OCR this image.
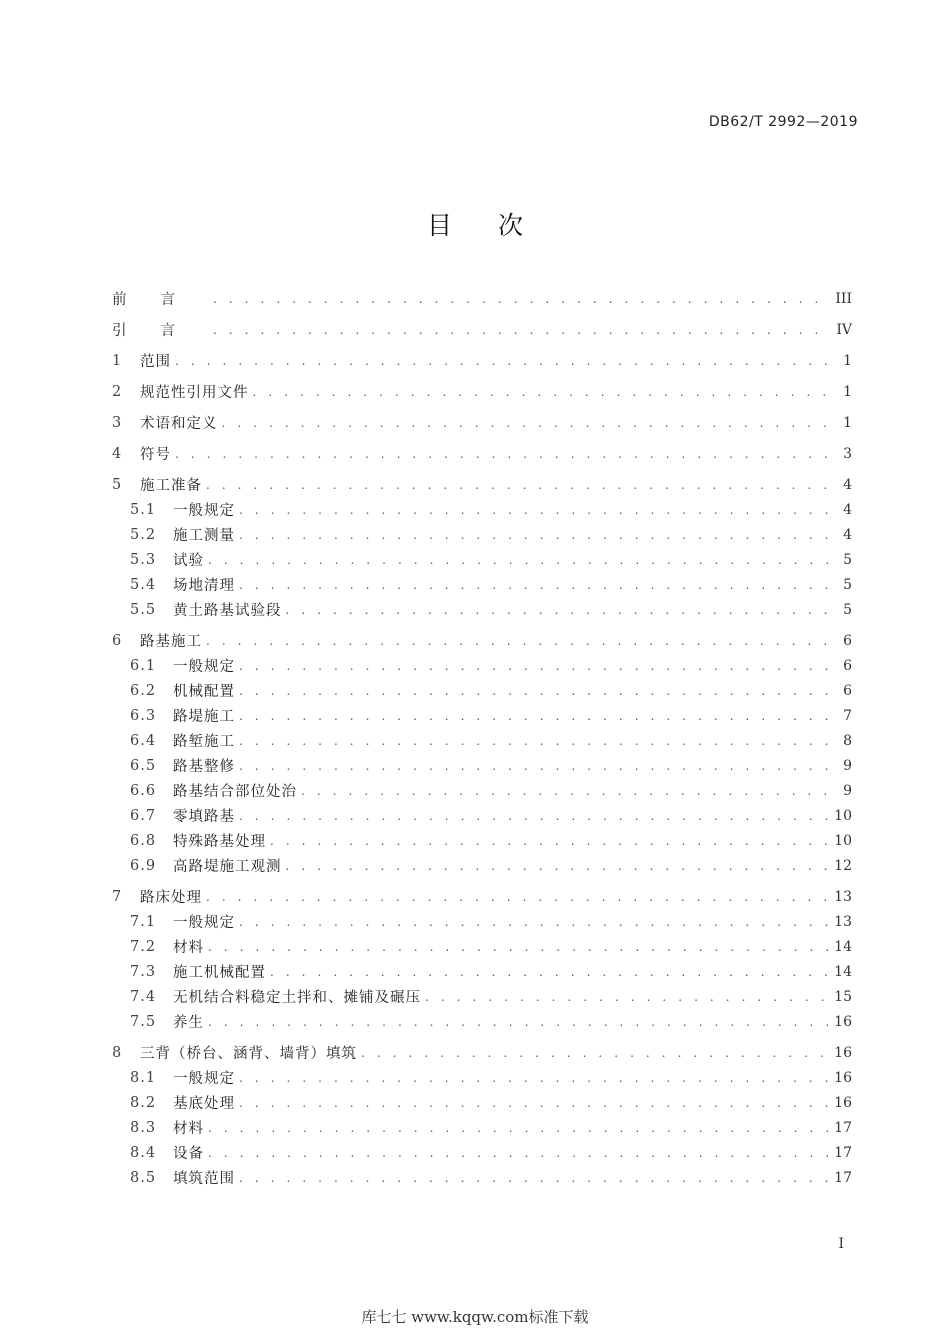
DB62/T 2992—2019
目次
前言 . . .	III
引言 . . .	IV
1	范围 . . .	1
2	规范性引用文件 . . .	1
3	术语和定义 . . .	1
4	符号 . . .	3
5	施工准备 . . .	4
5.1	一般规定 . . .	4
5.2	施工测量 . . .	4
5.3	试验 . . .	5
5.4	场地清理 . . .	5
5.5	黄土路基试验段 . . .	5
6	路基施工 . . .	6
6.1	一般规定 . . .	6
6.2	机械配置 . . .	6
6.3	路堤施工 . . .	7
6.4	路堑施工 . . .	8
6.5	路基整修 . . .	9
6.6	路基结合部位处治 . . .	9
6.7	零填路基 . . .	10
6.8	特殊路基处理 . . .	10
6.9	高路堤施工观测 . . .	12
7	路床处理 . . .	13
7.1	一般规定 . . .	13
7.2	材料 . . .	14
7.3	施工机械配置 . . .	14
7.4	无机结合料稳定土拌和、摊铺及碾压 . . .	15
7.5	养生 . . .	16
8	三背（桥台、涵背、墙背）填筑 . . .	16
8.1	一般规定 . . .	16
8.2	基底处理 . . .	16
8.3	材料 . . .	17
8.4	设备 . . .	17
8.5	填筑范围 . . .	17
I
库七七 www.kqqw.com标准下载
